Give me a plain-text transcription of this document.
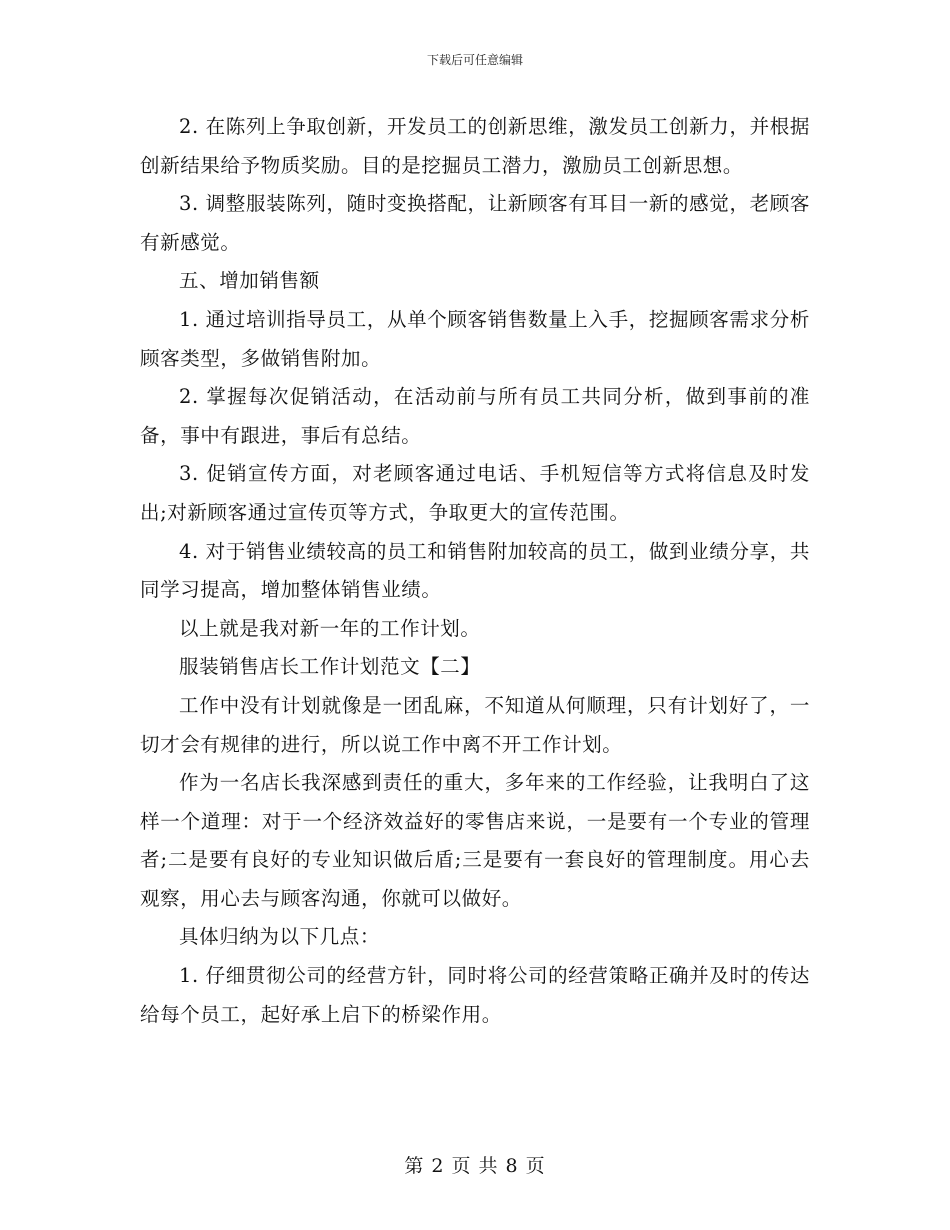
下载后可任意编辑

2. 在陈列上争取创新，开发员工的创新思维，激发员工创新力，并根据创新结果给予物质奖励。目的是挖掘员工潜力，激励员工创新思想。

3. 调整服装陈列，随时变换搭配，让新顾客有耳目一新的感觉，老顾客有新感觉。

五、增加销售额

1. 通过培训指导员工，从单个顾客销售数量上入手，挖掘顾客需求分析顾客类型，多做销售附加。

2. 掌握每次促销活动，在活动前与所有员工共同分析，做到事前的准备，事中有跟进，事后有总结。

3. 促销宣传方面，对老顾客通过电话、手机短信等方式将信息及时发出;对新顾客通过宣传页等方式，争取更大的宣传范围。

4. 对于销售业绩较高的员工和销售附加较高的员工，做到业绩分享，共同学习提高，增加整体销售业绩。

以上就是我对新一年的工作计划。

服装销售店长工作计划范文【二】

工作中没有计划就像是一团乱麻，不知道从何顺理，只有计划好了，一切才会有规律的进行，所以说工作中离不开工作计划。

作为一名店长我深感到责任的重大，多年来的工作经验，让我明白了这样一个道理：对于一个经济效益好的零售店来说，一是要有一个专业的管理者;二是要有良好的专业知识做后盾;三是要有一套良好的管理制度。用心去观察，用心去与顾客沟通，你就可以做好。

具体归纳为以下几点：

1. 仔细贯彻公司的经营方针，同时将公司的经营策略正确并及时的传达给每个员工，起好承上启下的桥梁作用。

第 2 页 共 8 页
